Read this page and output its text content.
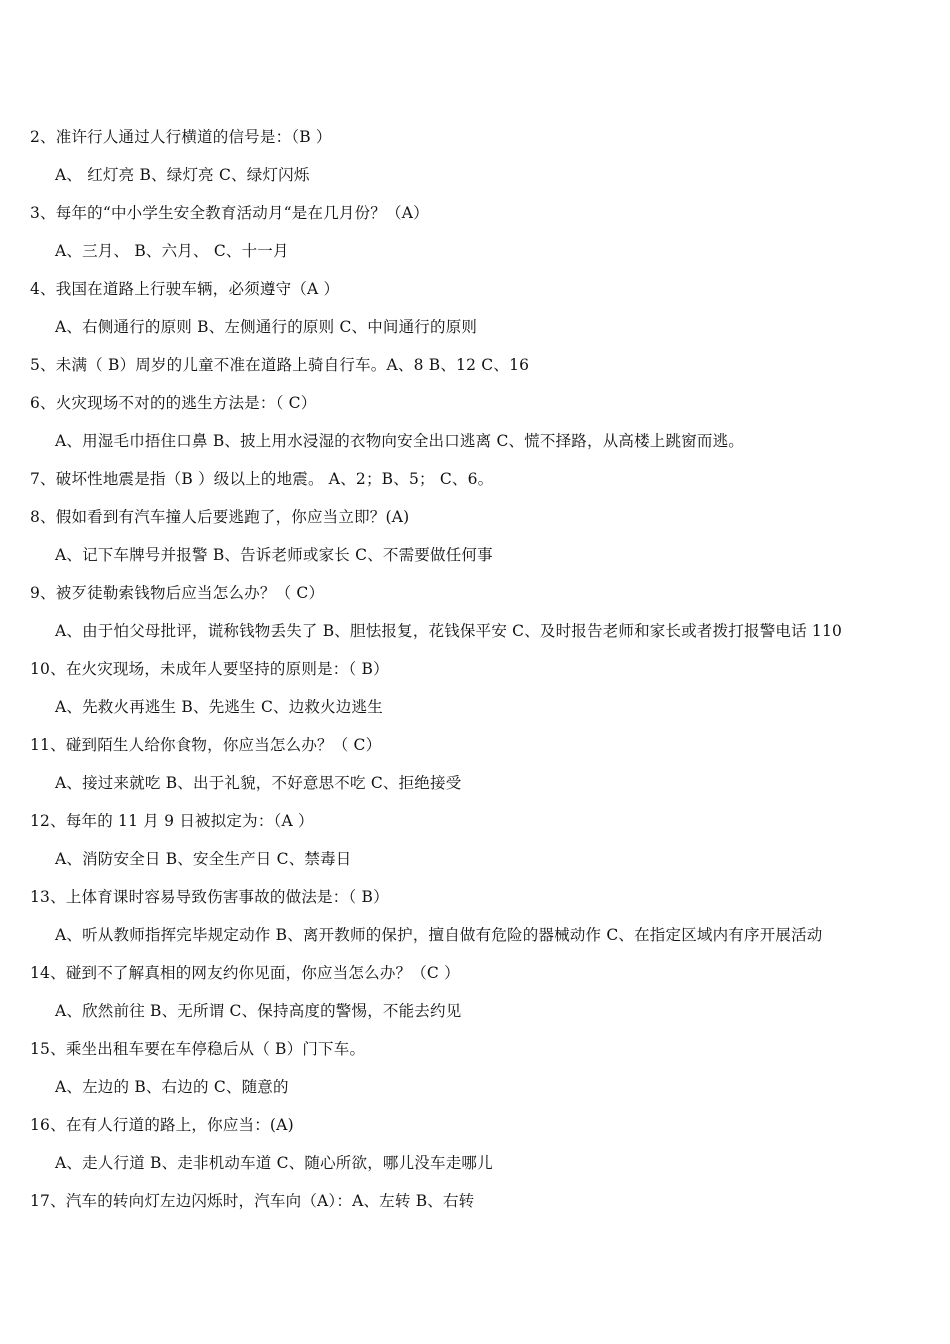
2、准许行人通过人行横道的信号是：（B ）
A、 红灯亮 B、绿灯亮 C、绿灯闪烁
3、每年的“中小学生安全教育活动月“是在几月份？（A）
A、三月、 B、六月、 C、十一月
4、我国在道路上行驶车辆，必须遵守（A ）
A、右侧通行的原则 B、左侧通行的原则 C、中间通行的原则
5、未满（ B）周岁的儿童不准在道路上骑自行车。A、8 B、12 C、16
6、火灾现场不对的的逃生方法是：（ C）
A、用湿毛巾捂住口鼻 B、披上用水浸湿的衣物向安全出口逃离 C、慌不择路，从高楼上跳窗而逃。
7、破坏性地震是指（B ）级以上的地震。 A、2；B、5； C、6。
8、假如看到有汽车撞人后要逃跑了，你应当立即？(A)
A、记下车牌号并报警 B、告诉老师或家长 C、不需要做任何事
9、被歹徒勒索钱物后应当怎么办？（ C）
A、由于怕父母批评，谎称钱物丢失了 B、胆怯报复，花钱保平安 C、及时报告老师和家长或者拨打报警电话 110
10、在火灾现场，未成年人要坚持的原则是：（ B）
A、先救火再逃生 B、先逃生 C、边救火边逃生
11、碰到陌生人给你食物，你应当怎么办？（ C）
A、接过来就吃 B、出于礼貌，不好意思不吃 C、拒绝接受
12、每年的 11 月 9 日被拟定为：（A ）
A、消防安全日 B、安全生产日 C、禁毒日
13、上体育课时容易导致伤害事故的做法是：（ B）
A、听从教师指挥完毕规定动作 B、离开教师的保护，擅自做有危险的器械动作 C、在指定区域内有序开展活动
14、碰到不了解真相的网友约你见面，你应当怎么办？（C ）
A、欣然前往 B、无所谓 C、保持高度的警惕，不能去约见
15、乘坐出租车要在车停稳后从（ B）门下车。
A、左边的 B、右边的 C、随意的
16、在有人行道的路上，你应当：(A)
A、走人行道 B、走非机动车道 C、随心所欲，哪儿没车走哪儿
17、汽车的转向灯左边闪烁时，汽车向（A）：A、左转 B、右转
